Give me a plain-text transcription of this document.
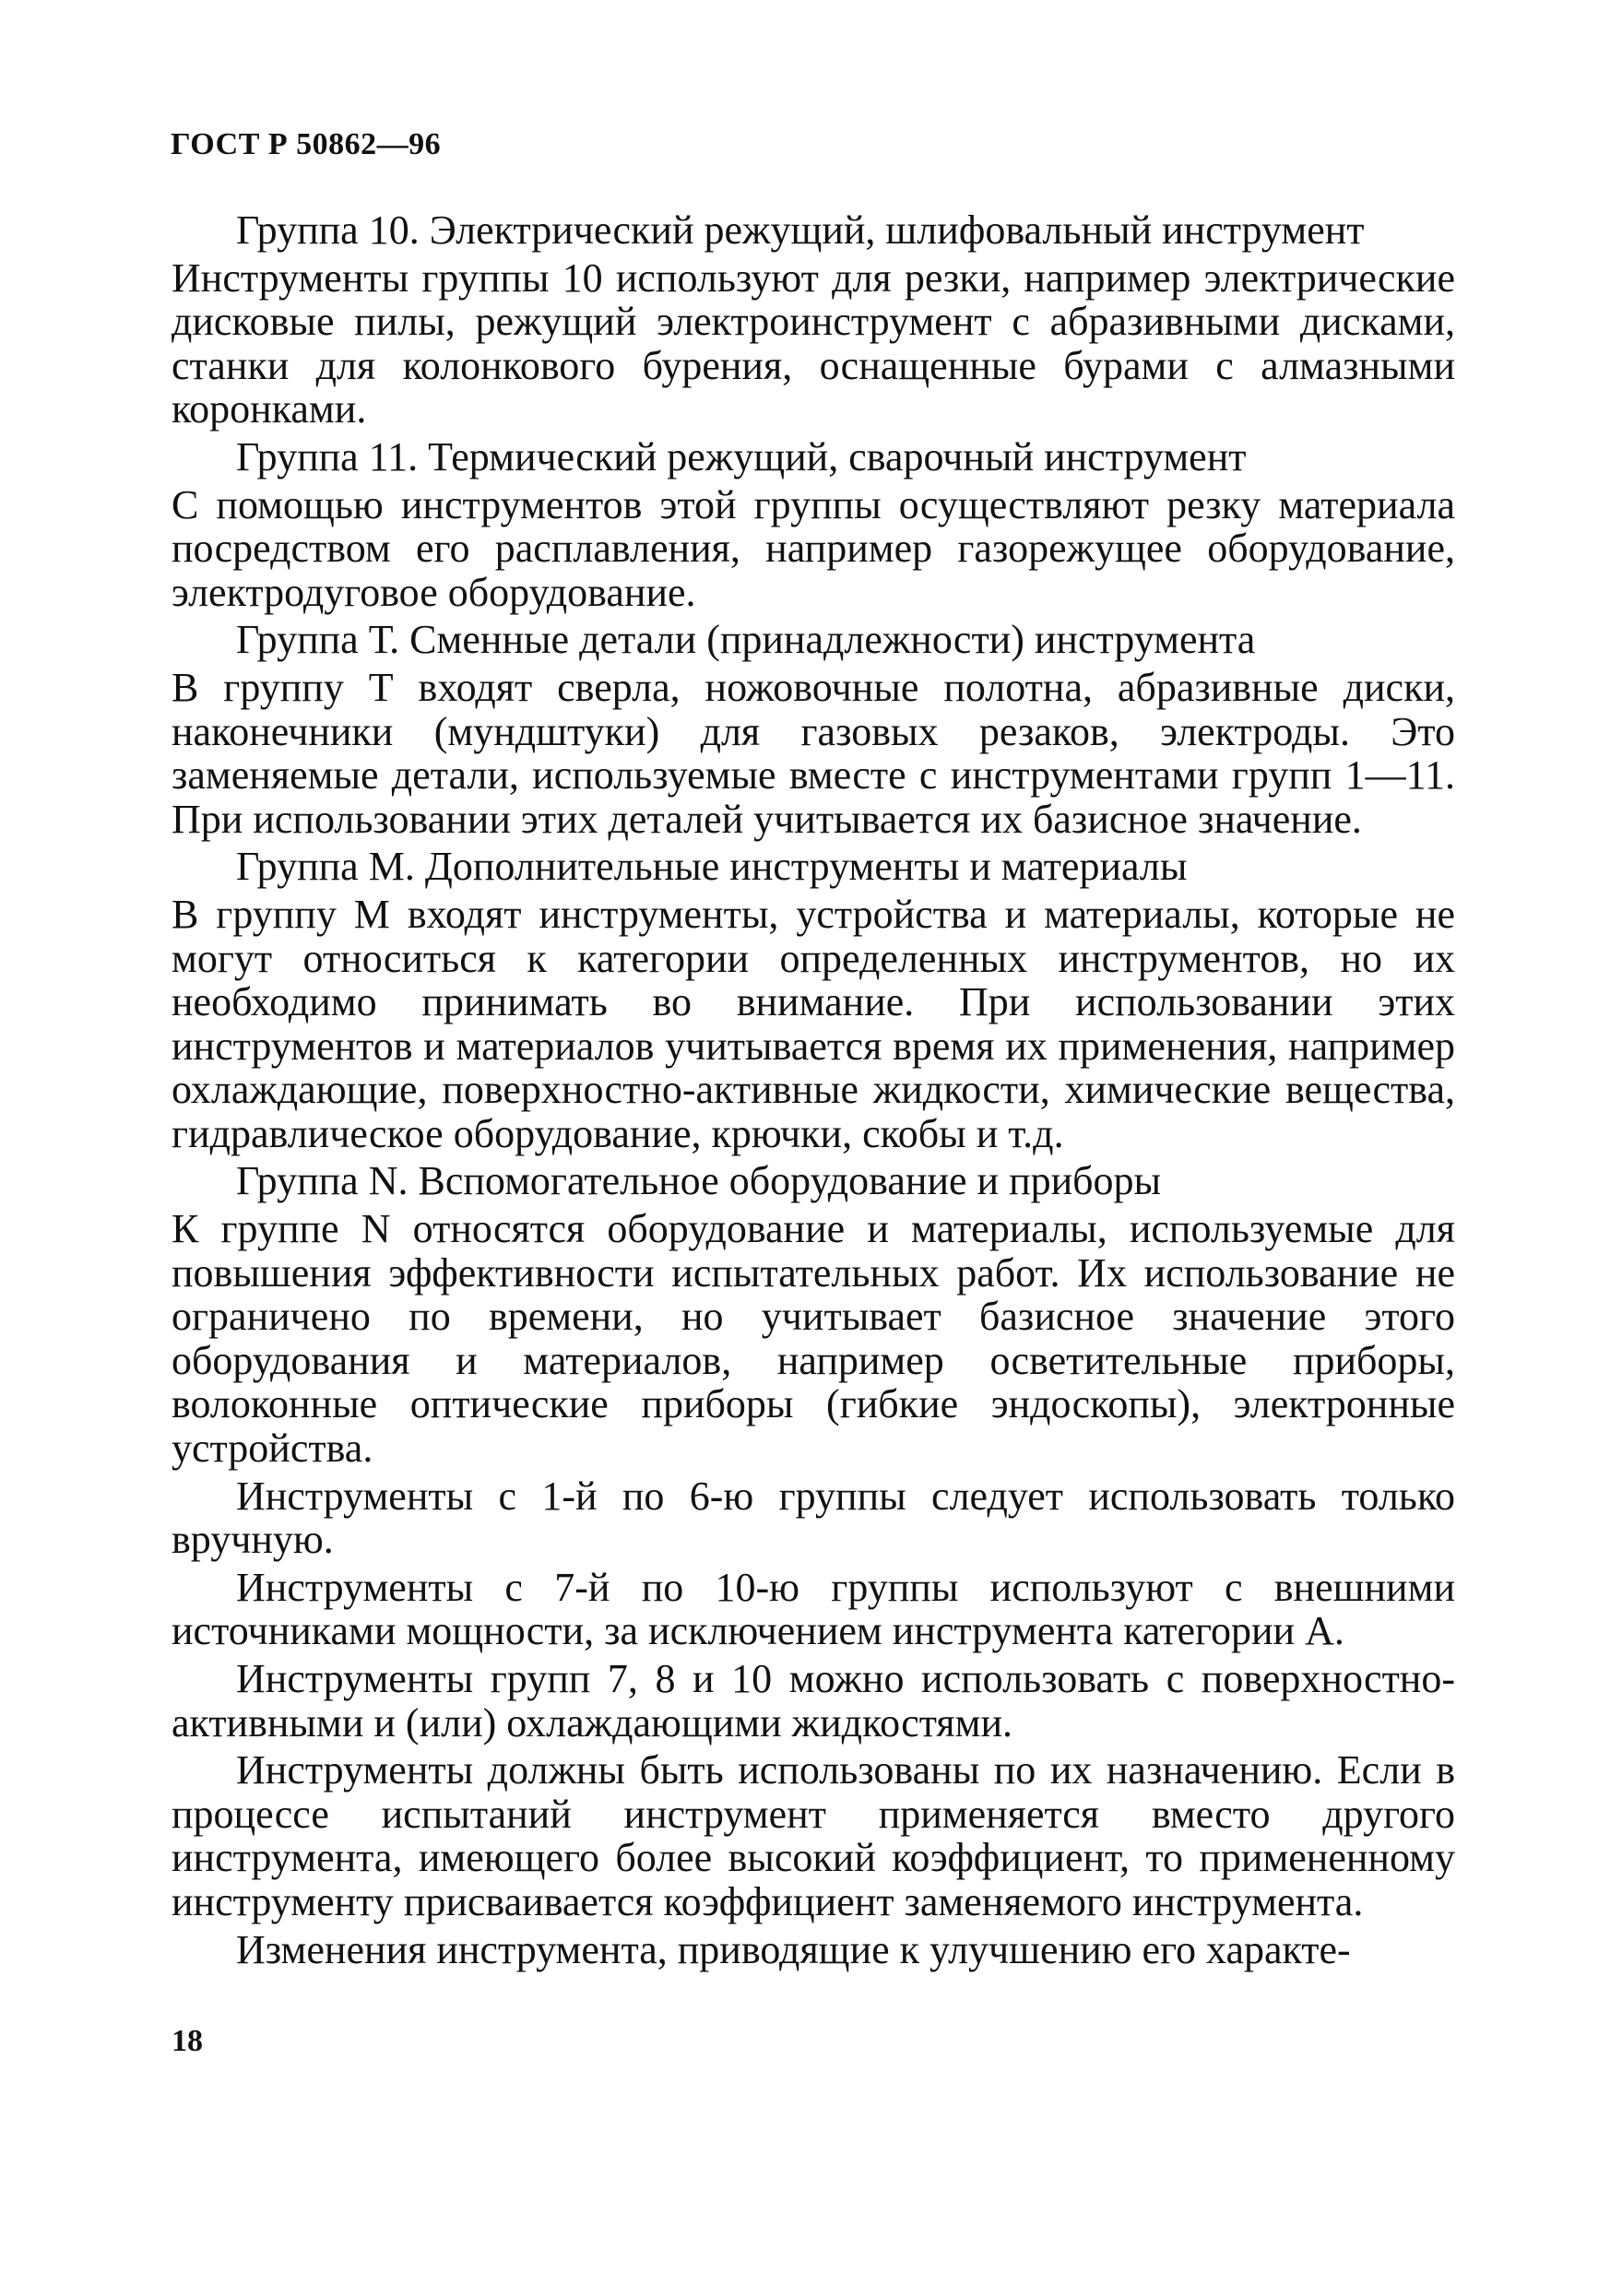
ГОСТ Р 50862—96

Группа 10. Электрический режущий, шлифовальный инструмент

Инструменты группы 10 используют для резки, например электрические дисковые пилы, режущий электроинструмент с абразивными дисками, станки для колонкового бурения, оснащенные бурами с алмазными коронками.

Группа 11. Термический режущий, сварочный инструмент

С помощью инструментов этой группы осуществляют резку материала посредством его расплавления, например газорежущее оборудование, электродуговое оборудование.

Группа Т. Сменные детали (принадлежности) инструмента

В группу Т входят сверла, ножовочные полотна, абразивные диски, наконечники (мундштуки) для газовых резаков, электроды. Это заменяемые детали, используемые вместе с инструментами групп 1—11. При использовании этих деталей учитывается их базисное значение.

Группа М. Дополнительные инструменты и материалы

В группу М входят инструменты, устройства и материалы, которые не могут относиться к категории определенных инструментов, но их необходимо принимать во внимание. При использовании этих инструментов и материалов учитывается время их применения, например охлаждающие, поверхностно-активные жидкости, химические вещества, гидравлическое оборудование, крючки, скобы и т.д.

Группа N. Вспомогательное оборудование и приборы

К группе N относятся оборудование и материалы, используемые для повышения эффективности испытательных работ. Их использование не ограничено по времени, но учитывает базисное значение этого оборудования и материалов, например осветительные приборы, волоконные оптические приборы (гибкие эндоскопы), электронные устройства.

Инструменты с 1-й по 6-ю группы следует использовать только вручную.

Инструменты с 7-й по 10-ю группы используют с внешними источниками мощности, за исключением инструмента категории А.

Инструменты групп 7, 8 и 10 можно использовать с поверхностно-активными и (или) охлаждающими жидкостями.

Инструменты должны быть использованы по их назначению. Если в процессе испытаний инструмент применяется вместо другого инструмента, имеющего более высокий коэффициент, то примененному инструменту присваивается коэффициент заменяемого инструмента.

Изменения инструмента, приводящие к улучшению его характе-

18
